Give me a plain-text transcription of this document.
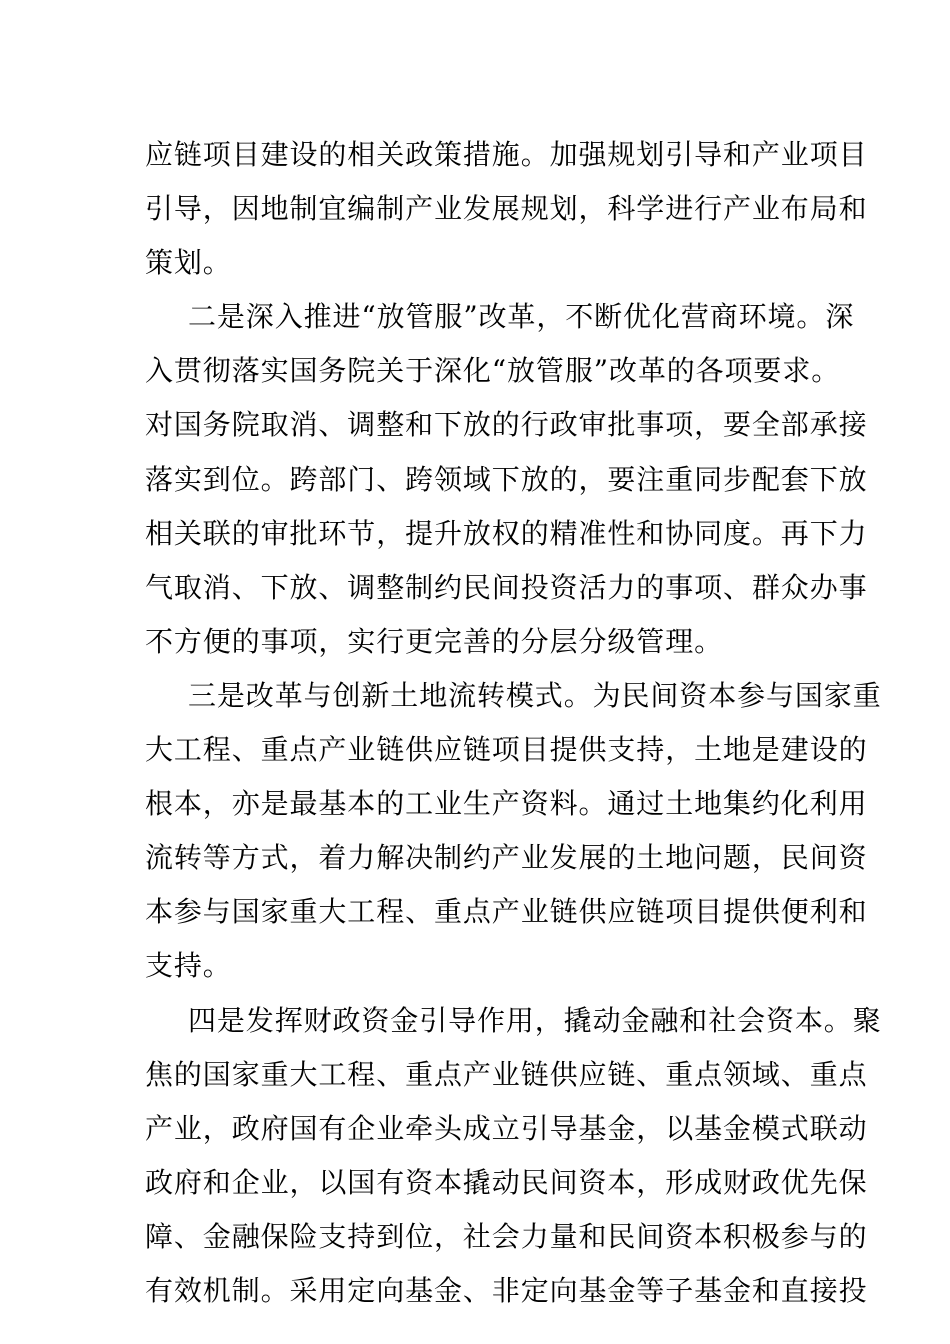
应链项目建设的相关政策措施。加强规划引导和产业项目
引导，因地制宜编制产业发展规划，科学进行产业布局和
策划。
二是深入推进“放管服”改革，不断优化营商环境。深
入贯彻落实国务院关于深化“放管服”改革的各项要求。
对国务院取消、调整和下放的行政审批事项，要全部承接
落实到位。跨部门、跨领域下放的，要注重同步配套下放
相关联的审批环节，提升放权的精准性和协同度。再下力
气取消、下放、调整制约民间投资活力的事项、群众办事
不方便的事项，实行更完善的分层分级管理。
三是改革与创新土地流转模式。为民间资本参与国家重
大工程、重点产业链供应链项目提供支持，土地是建设的
根本，亦是最基本的工业生产资料。通过土地集约化利用
流转等方式，着力解决制约产业发展的土地问题，民间资
本参与国家重大工程、重点产业链供应链项目提供便利和
支持。
四是发挥财政资金引导作用，撬动金融和社会资本。聚
焦的国家重大工程、重点产业链供应链、重点领域、重点
产业，政府国有企业牵头成立引导基金，以基金模式联动
政府和企业，以国有资本撬动民间资本，形成财政优先保
障、金融保险支持到位，社会力量和民间资本积极参与的
有效机制。采用定向基金、非定向基金等子基金和直接投
